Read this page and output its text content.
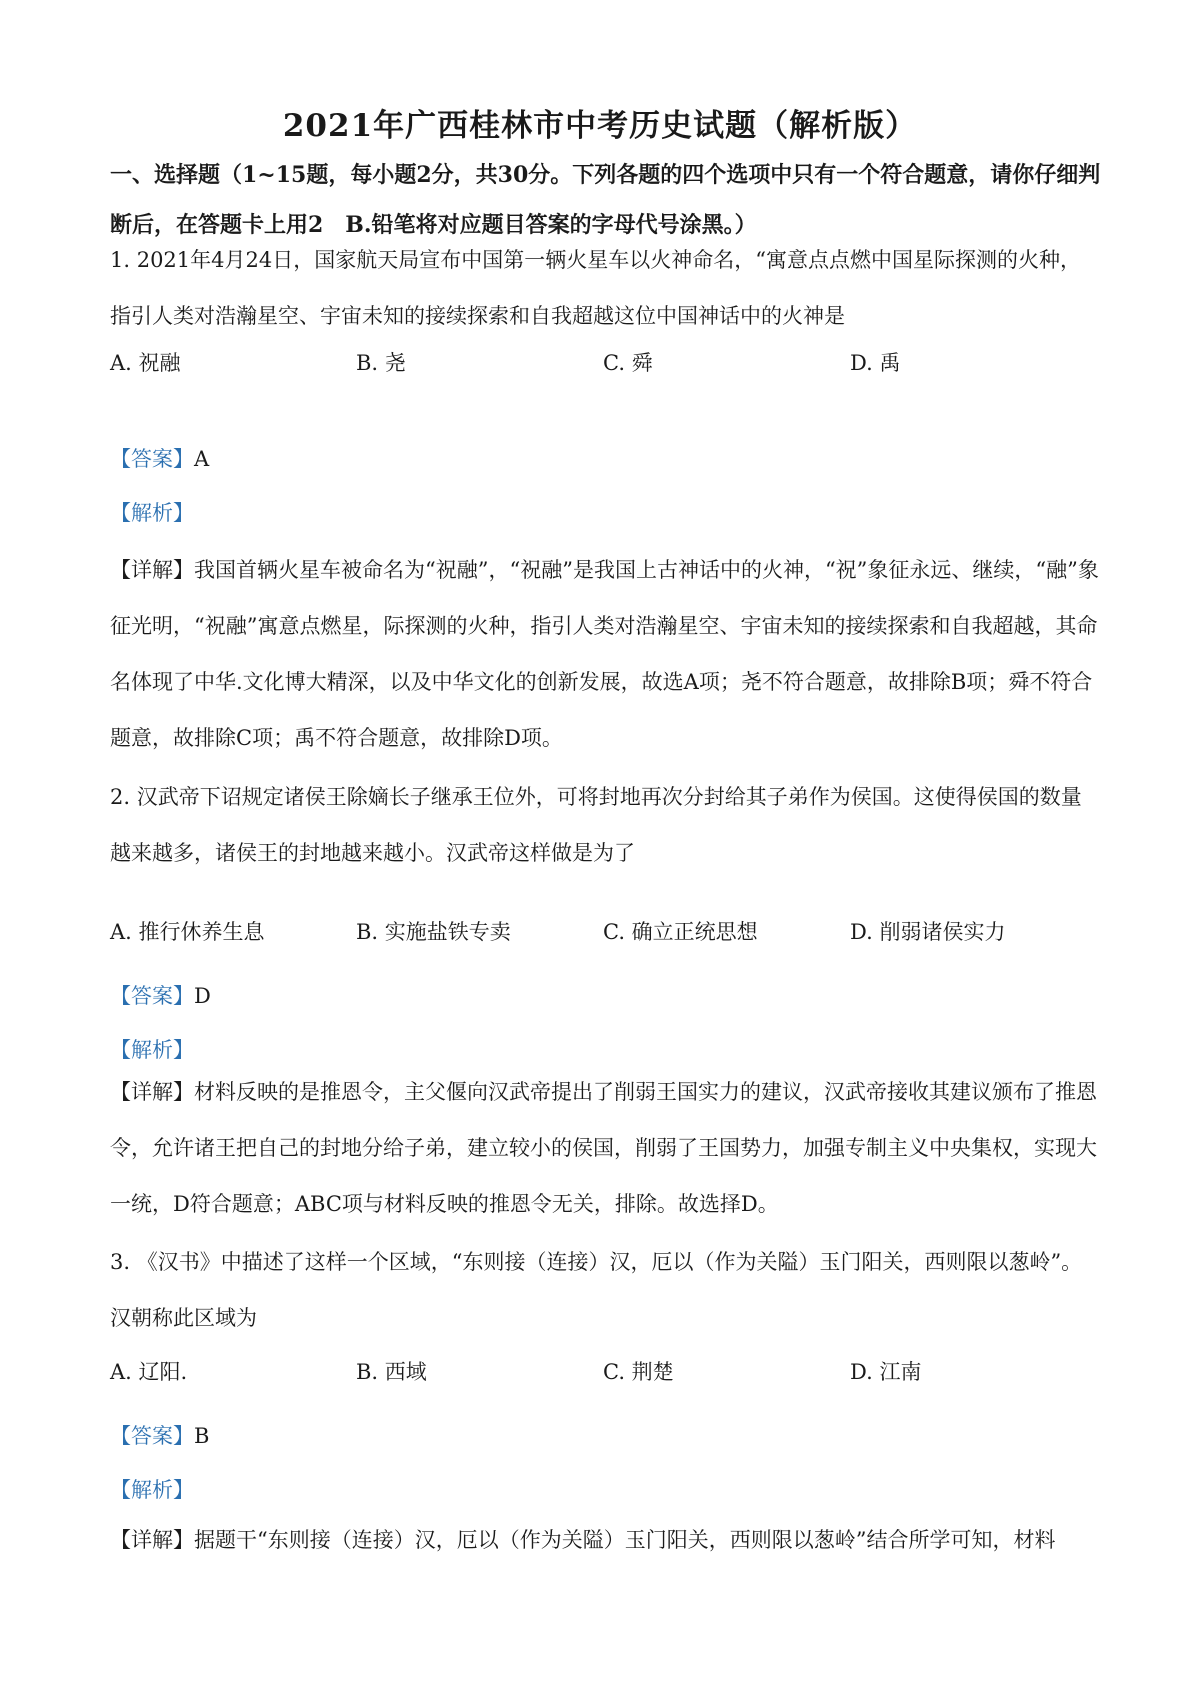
2021年广西桂林市中考历史试题（解析版）
一、选择题（1~15题，每小题2分，共30分。下列各题的四个选项中只有一个符合题意，请你仔细判断后，在答题卡上用2　B.铅笔将对应题目答案的字母代号涂黑。）
1. 2021年4月24日，国家航天局宣布中国第一辆火星车以火神命名，“寓意点点燃中国星际探测的火种，指引人类对浩瀚星空、宇宙未知的接续探索和自我超越这位中国神话中的火神是
A. 祝融	B. 尧	C. 舜	D. 禹
【答案】A
【解析】
【详解】我国首辆火星车被命名为“祝融”，“祝融”是我国上古神话中的火神，“祝”象征永远、继续，“融”象征光明，“祝融”寓意点燃星，际探测的火种，指引人类对浩瀚星空、宇宙未知的接续探索和自我超越，其命名体现了中华.文化博大精深，以及中华文化的创新发展，故选A项；尧不符合题意，故排除B项；舜不符合题意，故排除C项；禹不符合题意，故排除D项。
2. 汉武帝下诏规定诸侯王除嫡长子继承王位外，可将封地再次分封给其子弟作为侯国。这使得侯国的数量越来越多，诸侯王的封地越来越小。汉武帝这样做是为了
A. 推行休养生息	B. 实施盐铁专卖	C. 确立正统思想	D. 削弱诸侯实力
【答案】D
【解析】
【详解】材料反映的是推恩令，主父偃向汉武帝提出了削弱王国实力的建议，汉武帝接收其建议颁布了推恩令，允许诸王把自己的封地分给子弟，建立较小的侯国，削弱了王国势力，加强专制主义中央集权，实现大一统，D符合题意；ABC项与材料反映的推恩令无关，排除。故选择D。
3. 《汉书》中描述了这样一个区域，“东则接（连接）汉，厄以（作为关隘）玉门阳关，西则限以葱岭”。汉朝称此区域为
A. 辽阳.	B. 西域	C. 荆楚	D. 江南
【答案】B
【解析】
【详解】据题干“东则接（连接）汉，厄以（作为关隘）玉门阳关，西则限以葱岭”结合所学可知，材料
